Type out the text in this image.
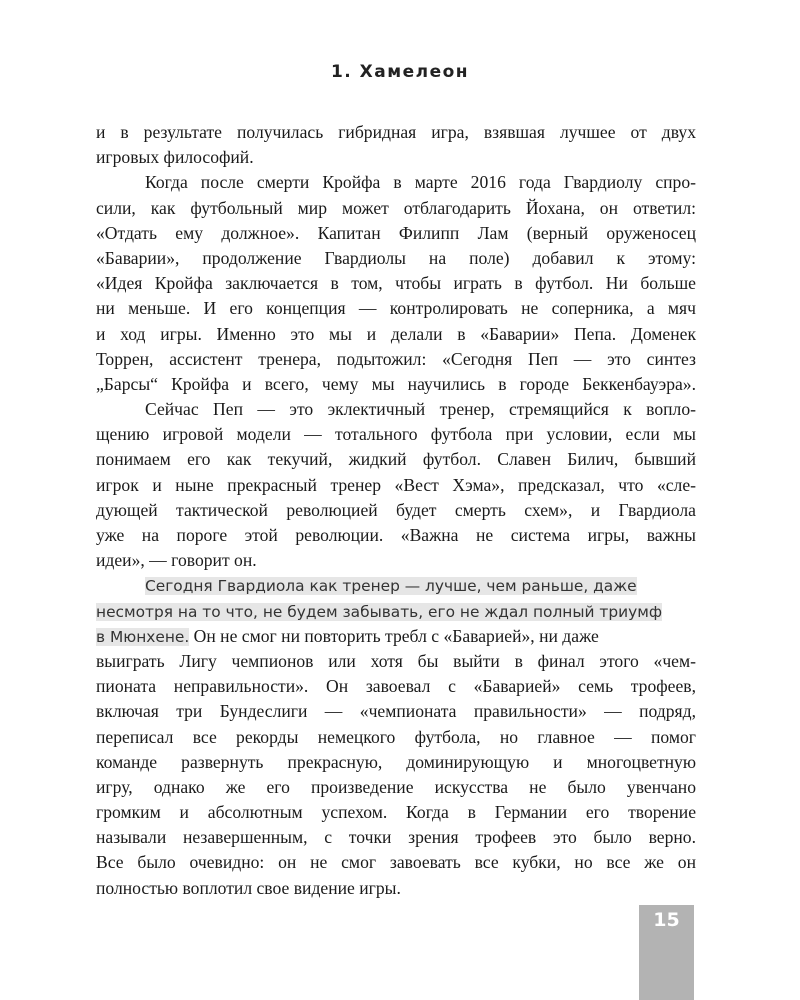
1. Хамелеон
и в результате получилась гибридная игра, взявшая лучшее от двух
игровых философий.
Когда после смерти Кройфа в марте 2016 года Гвардиолу спро-
сили, как футбольный мир может отблагодарить Йохана, он ответил:
«Отдать ему должное». Капитан Филипп Лам (верный оруженосец
«Баварии», продолжение Гвардиолы на поле) добавил к этому:
«Идея Кройфа заключается в том, чтобы играть в футбол. Ни больше
ни меньше. И его концепция — контролировать не соперника, а мяч
и ход игры. Именно это мы и делали в «Баварии» Пепа. Доменек
Торрен, ассистент тренера, подытожил: «Сегодня Пеп — это синтез
„Барсы“ Кройфа и всего, чему мы научились в городе Беккенбауэра».
Сейчас Пеп — это эклектичный тренер, стремящийся к вопло-
щению игровой модели — тотального футбола при условии, если мы
понимаем его как текучий, жидкий футбол. Славен Билич, бывший
игрок и ныне прекрасный тренер «Вест Хэма», предсказал, что «сле-
дующей тактической революцией будет смерть схем», и Гвардиола
уже на пороге этой революции. «Важна не система игры, важны
идеи», — говорит он.
Сегодня Гвардиола как тренер — лучше, чем раньше, даже
несмотря на то что, не будем забывать, его не ждал полный триумф
в Мюнхене. Он не смог ни повторить требл с «Баварией», ни даже
выиграть Лигу чемпионов или хотя бы выйти в финал этого «чем-
пионата неправильности». Он завоевал с «Баварией» семь трофеев,
включая три Бундеслиги — «чемпионата правильности» — подряд,
переписал все рекорды немецкого футбола, но главное — помог
команде развернуть прекрасную, доминирующую и многоцветную
игру, однако же его произведение искусства не было увенчано
громким и абсолютным успехом. Когда в Германии его творение
называли незавершенным, с точки зрения трофеев это было верно.
Все было очевидно: он не смог завоевать все кубки, но все же он
полностью воплотил свое видение игры.
15
